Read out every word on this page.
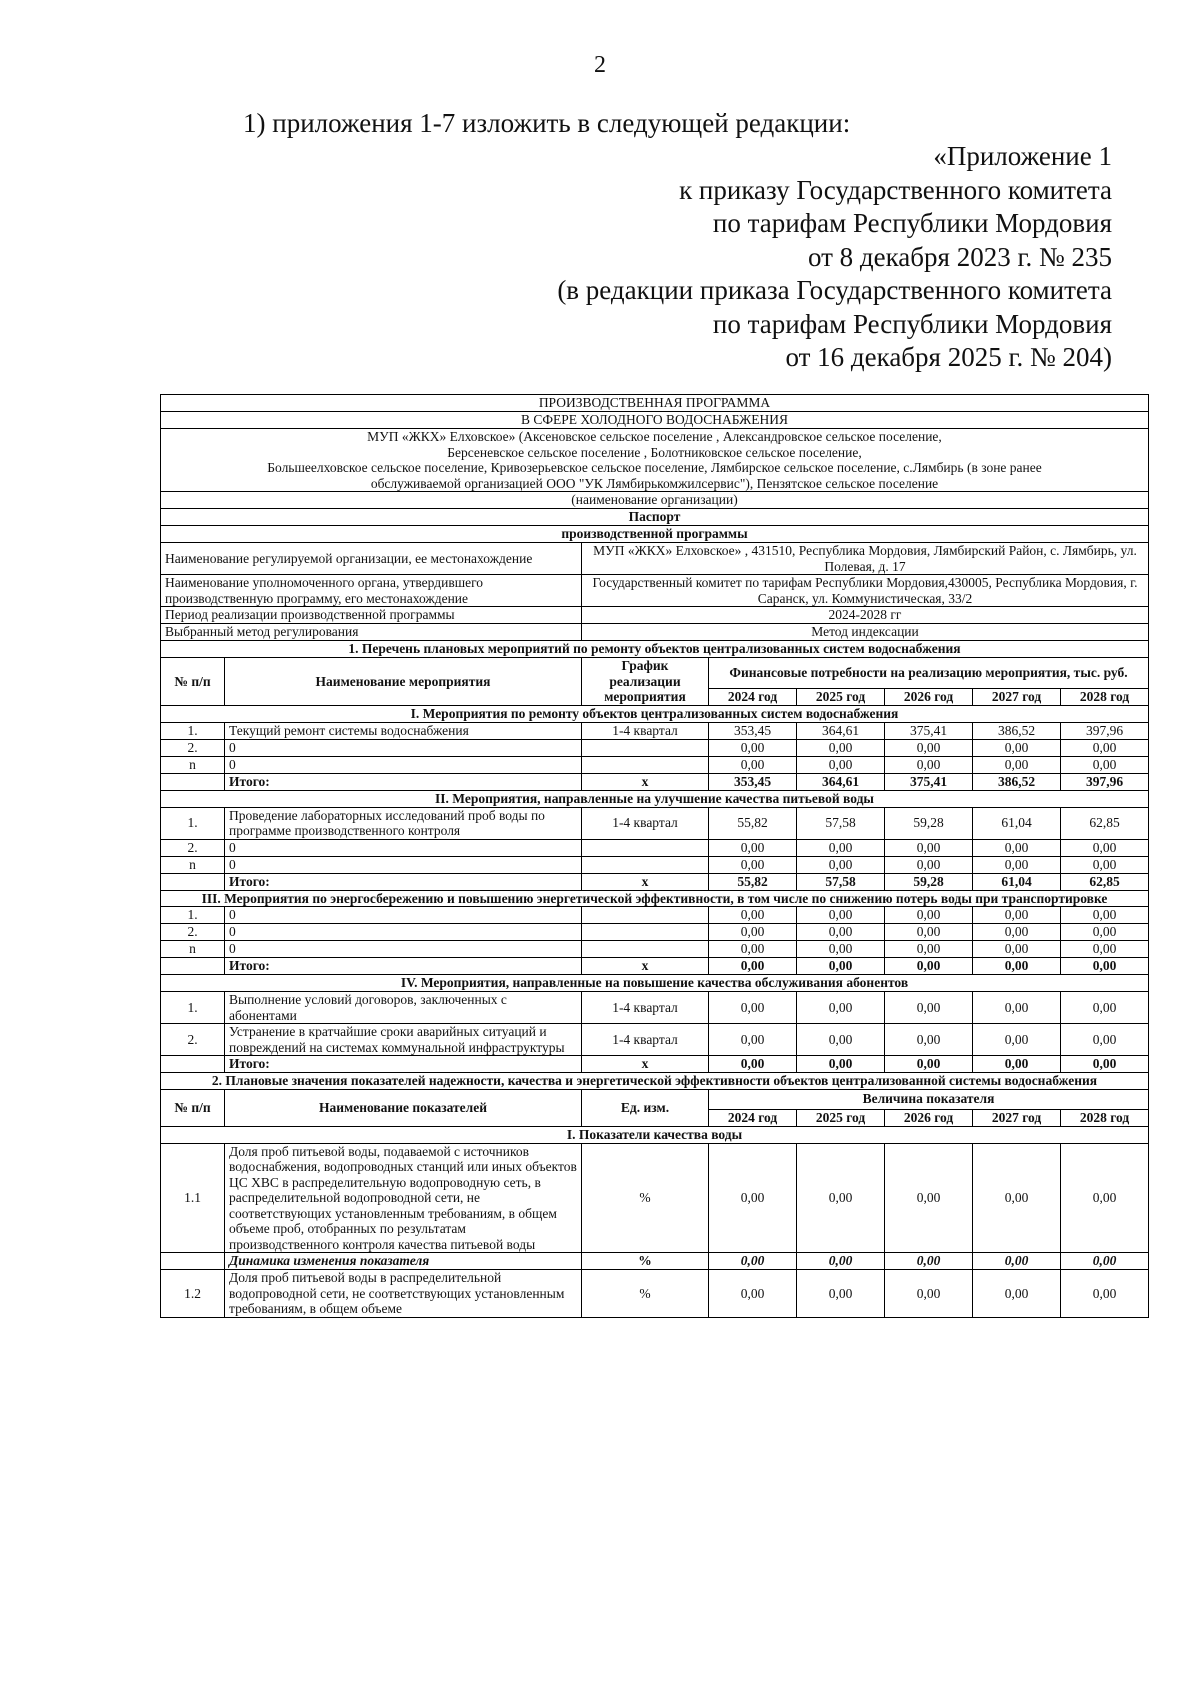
2
1) приложения 1-7 изложить в следующей редакции:
«Приложение 1
к приказу Государственного комитета
по тарифам Республики Мордовия
от 8 декабря 2023 г. № 235
(в редакции приказа Государственного комитета
по тарифам Республики Мордовия
от 16 декабря 2025 г. № 204)
ПРОИЗВОДСТВЕННАЯ ПРОГРАММА							
В СФЕРЕ ХОЛОДНОГО ВОДОСНАБЖЕНИЯ							

МУП «ЖКХ» Елховское» (Аксеновское сельское поселение , Александровское сельское поселение,
Берсеневское сельское поселение , Болотниковское сельское поселение,
Большеелховское сельское поселение, Кривозерьевское сельское поселение, Лямбирское сельское поселение, с.Лямбирь (в зоне ранее
обслуживаемой организацией ООО "УК Лямбирькомжилсервис"), Пензятское сельское поселение							

(наименование организации)							
Паспорт							
производственной программы							
Наименование регулируемой организации, ее местонахождение		МУП «ЖКХ» Елховское» , 431510, Республика Мордовия, Лямбирский Район, с. Лямбирь, ул. Полевая, д. 17					
Наименование уполномоченного органа, утвердившего производственную программу, его местонахождение		Государственный комитет по тарифам Республики Мордовия,430005, Республика Мордовия, г. Саранск, ул. Коммунистическая, 33/2					
Период реализации производственной программы		2024-2028 гг					
Выбранный метод регулирования		Метод индексации					
1. Перечень плановых мероприятий по ремонту объектов централизованных систем водоснабжения							
№ п/п	Наименование мероприятия	График реализации мероприятия	Финансовые потребности на реализацию мероприятия, тыс. руб.				
			2024 год	2025 год	2026 год	2027 год	2028 год
I. Мероприятия по ремонту объектов централизованных систем водоснабжения							
1.	Текущий ремонт системы водоснабжения	1-4 квартал	353,45	364,61	375,41	386,52	397,96
2.	0		0,00	0,00	0,00	0,00	0,00
n	0		0,00	0,00	0,00	0,00	0,00
	Итого:	х	353,45	364,61	375,41	386,52	397,96
II. Мероприятия, направленные на улучшение качества питьевой воды							
1.	Проведение лабораторных исследований проб воды по программе производственного контроля	1-4 квартал	55,82	57,58	59,28	61,04	62,85
2.	0		0,00	0,00	0,00	0,00	0,00
n	0		0,00	0,00	0,00	0,00	0,00
	Итого:	х	55,82	57,58	59,28	61,04	62,85
III. Мероприятия по энергосбережению и повышению энергетической эффективности, в том числе по снижению потерь воды при транспортировке							
1.	0		0,00	0,00	0,00	0,00	0,00
2.	0		0,00	0,00	0,00	0,00	0,00
n	0		0,00	0,00	0,00	0,00	0,00
	Итого:	х	0,00	0,00	0,00	0,00	0,00
IV. Мероприятия, направленные на повышение качества обслуживания абонентов							
1.	Выполнение условий договоров, заключенных с абонентами	1-4 квартал	0,00	0,00	0,00	0,00	0,00
2.	Устранение в кратчайшие сроки аварийных ситуаций и повреждений на системах коммунальной инфраструктуры	1-4 квартал	0,00	0,00	0,00	0,00	0,00
	Итого:	х	0,00	0,00	0,00	0,00	0,00
2. Плановые значения показателей надежности, качества и энергетической эффективности объектов централизованной системы водоснабжения							
№ п/п	Наименование показателей	Ед. изм.	Величина показателя				
			2024 год	2025 год	2026 год	2027 год	2028 год
I. Показатели качества воды							
1.1	Доля проб питьевой воды, подаваемой с источников водоснабжения, водопроводных станций или иных объектов ЦС ХВС в распределительную водопроводную сеть, в распределительной водопроводной сети, не соответствующих установленным требованиям, в общем объеме проб, отобранных по результатам производственного контроля качества питьевой воды	%	0,00	0,00	0,00	0,00	0,00
	Динамика изменения показателя	%	0,00	0,00	0,00	0,00	0,00
1.2	Доля проб питьевой воды в распределительной водопроводной сети, не соответствующих установленным требованиям, в общем объеме	%	0,00	0,00	0,00	0,00	0,00
